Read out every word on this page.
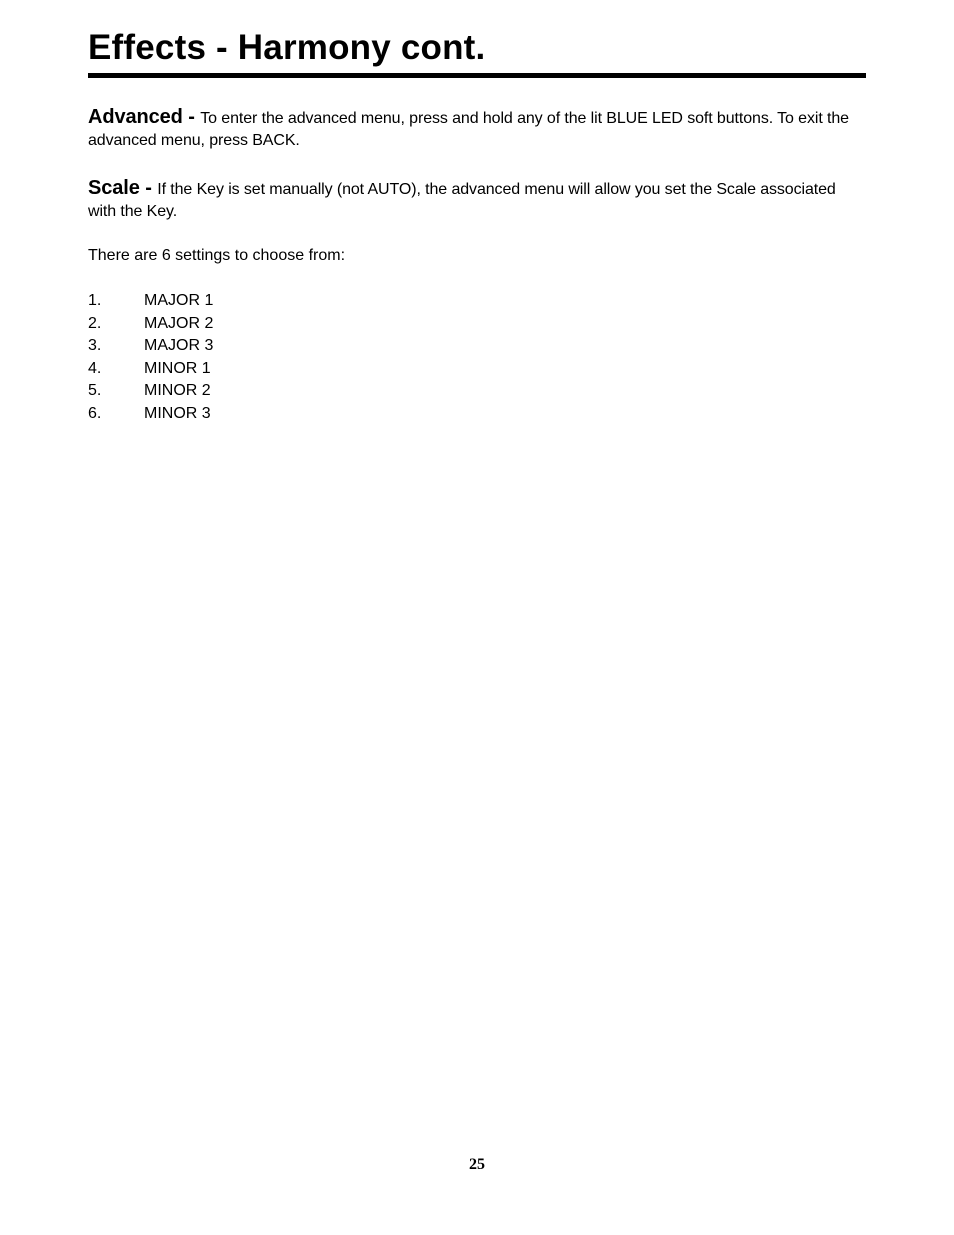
Effects - Harmony cont.

Advanced - To enter the advanced menu, press and hold any of the lit BLUE LED soft buttons. To exit the advanced menu, press BACK.

Scale - If the Key is set manually (not AUTO), the advanced menu will allow you set the Scale associated with the Key.

There are 6 settings to choose from:

1.	MAJOR 1
2.	MAJOR 2
3.	MAJOR 3
4.	MINOR 1
5.	MINOR 2
6.	MINOR 3
25
